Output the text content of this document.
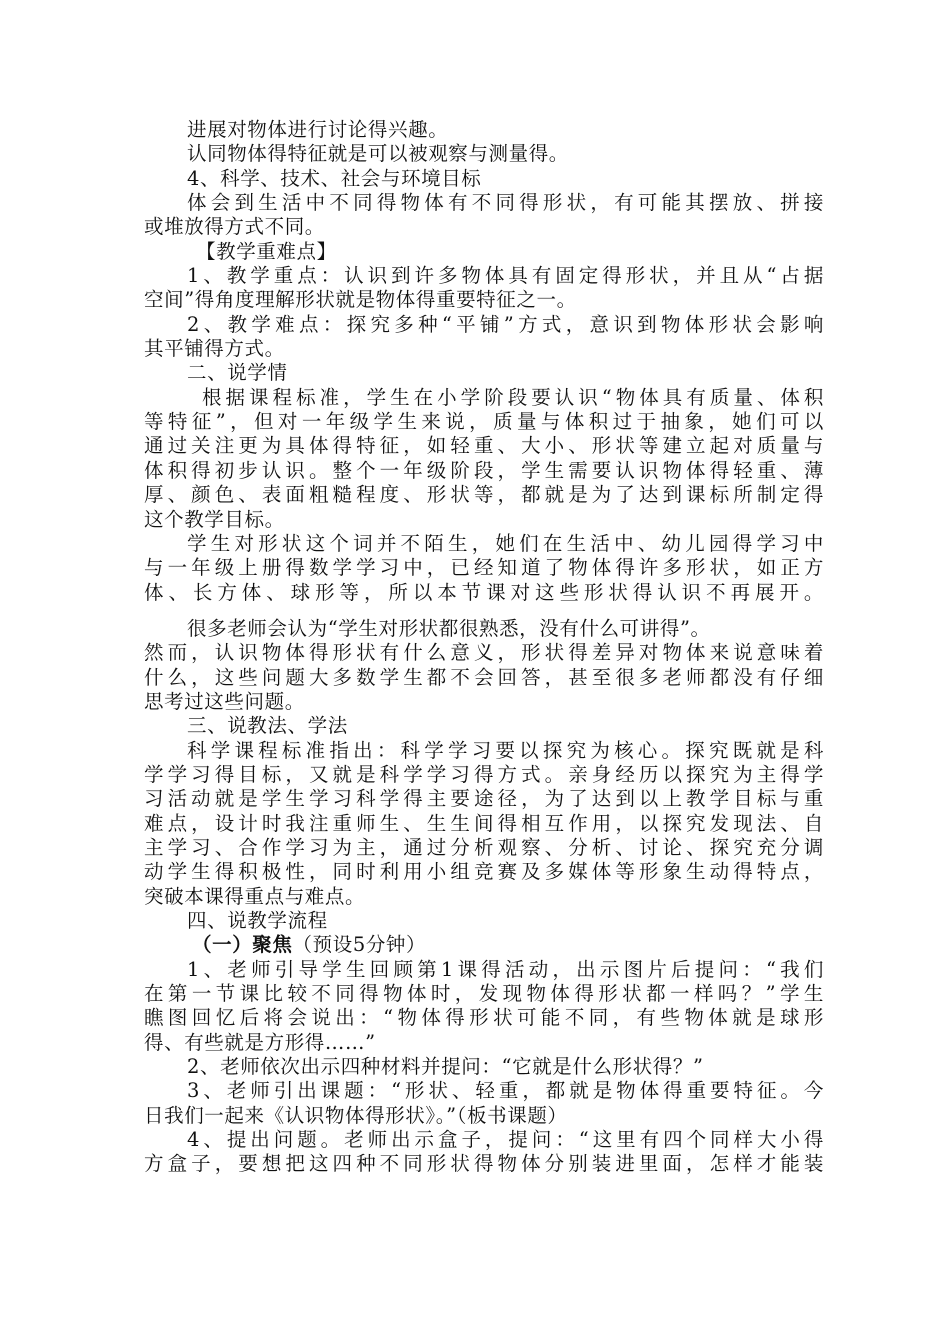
进展对物体进行讨论得兴趣。
认同物体得特征就是可以被观察与测量得。
4、科学、技术、社会与环境目标
体会到生活中不同得物体有不同得形状，有可能其摆放、拼接
或堆放得方式不同。
【教学重难点】
1、教学重点：认识到许多物体具有固定得形状，并且从“占据
空间”得角度理解形状就是物体得重要特征之一。
2、教学难点：探究多种“平铺”方式，意识到物体形状会影响
其平铺得方式。
二、说学情
根据课程标准，学生在小学阶段要认识“物体具有质量、体积
等特征”，但对一年级学生来说，质量与体积过于抽象，她们可以
通过关注更为具体得特征，如轻重、大小、形状等建立起对质量与
体积得初步认识。整个一年级阶段，学生需要认识物体得轻重、薄
厚、颜色、表面粗糙程度、形状等，都就是为了达到课标所制定得
这个教学目标。
学生对形状这个词并不陌生，她们在生活中、幼儿园得学习中
与一年级上册得数学学习中，已经知道了物体得许多形状，如正方
体、长方体、球形等，所以本节课对这些形状得认识不再展开。
很多老师会认为“学生对形状都很熟悉，没有什么可讲得”。
然而，认识物体得形状有什么意义，形状得差异对物体来说意味着
什么，这些问题大多数学生都不会回答，甚至很多老师都没有仔细
思考过这些问题。
三、说教法、学法
科学课程标准指出：科学学习要以探究为核心。探究既就是科
学学习得目标，又就是科学学习得方式。亲身经历以探究为主得学
习活动就是学生学习科学得主要途径，为了达到以上教学目标与重
难点，设计时我注重师生、生生间得相互作用，以探究发现法、自
主学习、合作学习为主，通过分析观察、分析、讨论、探究充分调
动学生得积极性，同时利用小组竞赛及多媒体等形象生动得特点，
突破本课得重点与难点。
四、说教学流程
（一）聚焦（预设5分钟）
1、老师引导学生回顾第1课得活动，出示图片后提问：“我们
在第一节课比较不同得物体时，发现物体得形状都一样吗？”学生
瞧图回忆后将会说出：“物体得形状可能不同，有些物体就是球形
得、有些就是方形得……”
2、老师依次出示四种材料并提问：“它就是什么形状得？”
3、老师引出课题：“形状、轻重，都就是物体得重要特征。今
日我们一起来《认识物体得形状》。”（板书课题）
4、提出问题。老师出示盒子，提问：“这里有四个同样大小得
方盒子，要想把这四种不同形状得物体分别装进里面，怎样才能装
